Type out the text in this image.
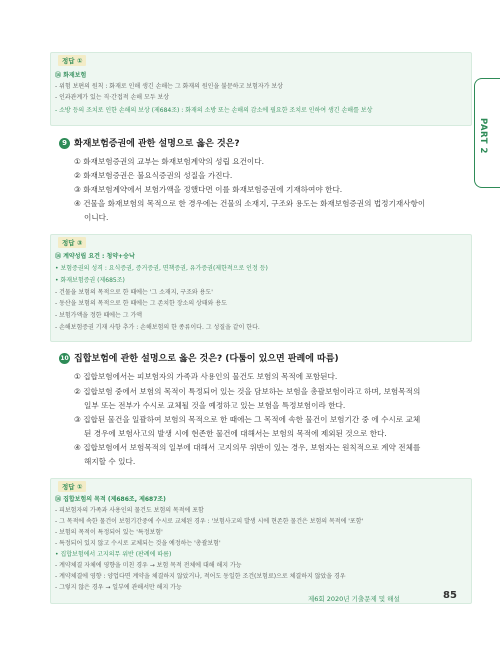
PART 2
정답 ①
⑭ 화재보험
- 위험 보편의 원칙 : 화재로 인해 생긴 손해는 그 화재의 원인을 불문하고 보험자가 보상
- 인과관계가 있는 직·간접적 손해 모두 보상
- 소방 등의 조치로 인한 손해의 보상 (제684조) : 화재의 소방 또는 손해의 감소에 필요한 조치로 인하여 생긴 손해를 보상
9 화재보험증권에 관한 설명으로 옳은 것은?
① 화재보험증권의 교부는 화재보험계약의 성립 요건이다.
② 화재보험증권은 불요식증권의 성질을 가진다.
③ 화재보험계약에서 보험가액을 정했다면 이를 화재보험증권에 기재하여야 한다.
④ 건물을 화재보험의 목적으로 한 경우에는 건물의 소재지, 구조와 용도는 화재보험증권의 법정기재사항이
이니다.
정답 ③
⑭ 계약성립 요건 : 청약+승낙
• 보험증권의 성격 : 요식증권, 증거증권, 면책증권, 유가증권(제한적으로 인정 등)
• 화재보험증권 (제685조)
- 건물을 보험의 목적으로 한 때에는 '그 소재지, 구조와 용도'
- 동산을 보험의 목적으로 한 때에는 그 존치한 장소의 상태와 용도
- 보험가액을 정한 때에는 그 가액
- 손해보험증권 기재 사항 추가 : 손해보험의 한 종류이다. 그 성질을 같이 한다.
10 집합보험에 관한 설명으로 옳은 것은? (다툼이 있으면 판례에 따름)
① 집합보험에서는 피보험자의 가족과 사용인의 물건도 보험의 목적에 포함된다.
② 집합보험 중에서 보험의 목적이 특정되어 있는 것을 담보하는 보험을 총괄보험이라고 하며, 보험목적의
일부 또는 전부가 수시로 교체될 것을 예정하고 있는 보험을 특정보험이라 한다.
③ 집합된 물건을 일괄하여 보험의 목적으로 한 때에는 그 목적에 속한 물건이 보험기간 중 에 수시로 교체
된 경우에 보험사고의 발생 시에 현존한 물건에 대해서는 보험의 목적에 제외된 것으로 한다.
④ 집합보험에서 보험목적의 일부에 대해서 고지의무 위반이 있는 경우, 보험자는 원칙적으로 계약 전체를
해지할 수 있다.
정답 ①
⑭ 집합보험의 목적 (제686조, 제687조)
- 피보험자의 가족과 사용인의 물건도 보험의 목적에 포함
- 그 목적에 속한 물건이 보험기간중에 수시로 교체된 경우 : '보험사고의 발생 시에 현존한 물건은 보험의 목적에 '포함'
- 보험의 목적이 특정되어 있는 '특정보험'
- 특정되어 있지 않고 수시로 교체되는 것을 예정하는 '총괄보험'
• 집합보험에서 고지의무 위반 (판례에 따름)
- 계약체결 자체에 영향을 미친 경우 → 보험 목적 전체에 대해 해지 가능
- 계약체결에 영향 : 양업다면 계약을 체결하지 않았거나, 적어도 동일한 조건(보험료)으로 체결하지 않았을 경우
- 그렇지 않은 경우 → 일부에 관해서만 해지 가능
제6회 2020년 기출문제 및 해설	85
